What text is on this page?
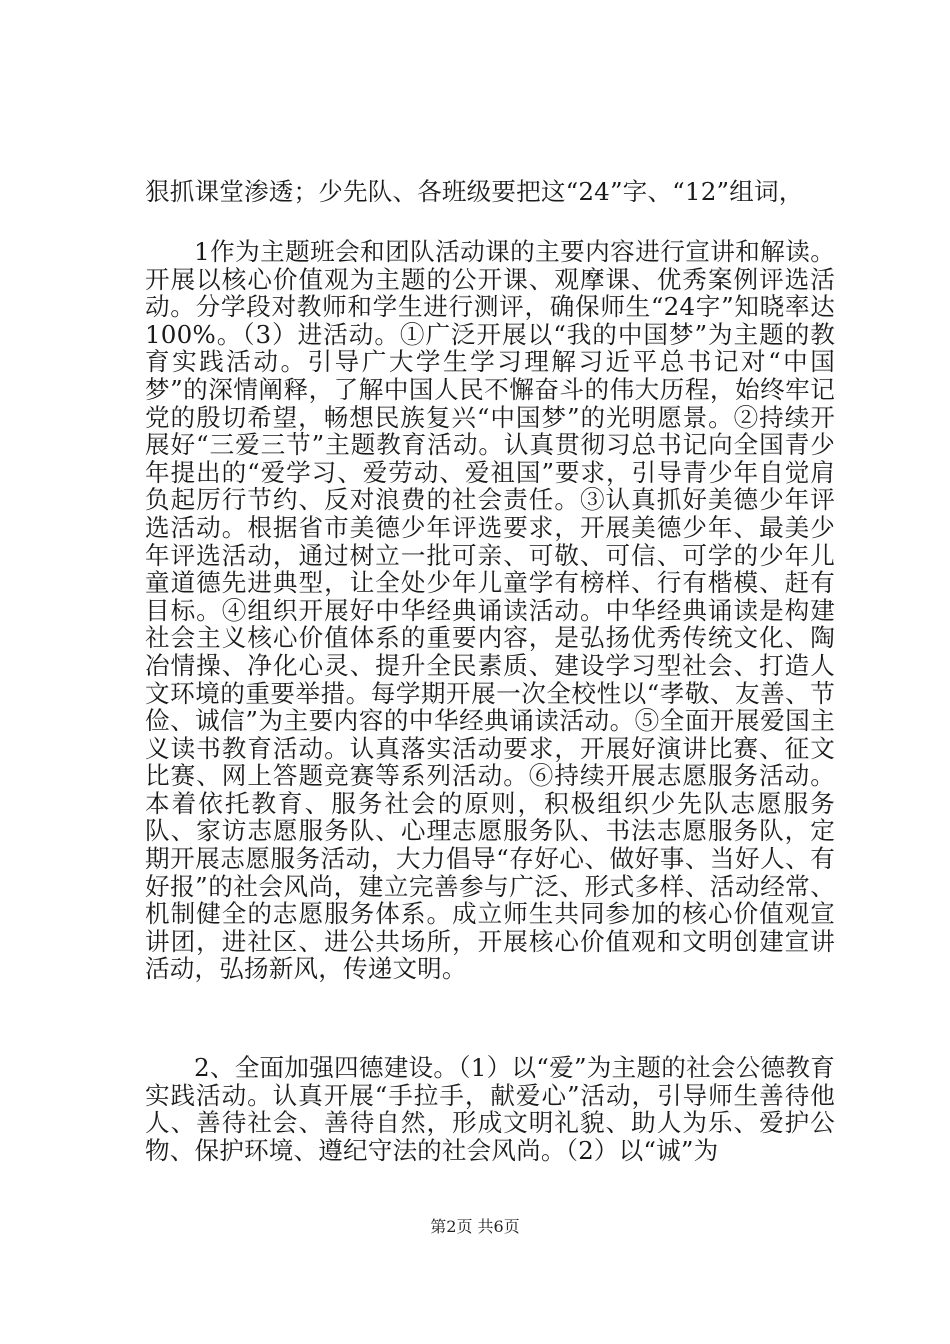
狠抓课堂渗透；少先队、各班级要把这“24”字、“12”组词，
1作为主题班会和团队活动课的主要内容进行宣讲和解读。开展以核心价值观为主题的公开课、观摩课、优秀案例评选活动。分学段对教师和学生进行测评，确保师生“24字”知晓率达100%。（3）进活动。①广泛开展以“我的中国梦”为主题的教育实践活动。引导广大学生学习理解习近平总书记对“中国梦”的深情阐释，了解中国人民不懈奋斗的伟大历程，始终牢记党的殷切希望，畅想民族复兴“中国梦”的光明愿景。②持续开展好“三爱三节”主题教育活动。认真贯彻习总书记向全国青少年提出的“爱学习、爱劳动、爱祖国”要求，引导青少年自觉肩负起厉行节约、反对浪费的社会责任。③认真抓好美德少年评选活动。根据省市美德少年评选要求，开展美德少年、最美少年评选活动，通过树立一批可亲、可敬、可信、可学的少年儿童道德先进典型，让全处少年儿童学有榜样、行有楷模、赶有目标。④组织开展好中华经典诵读活动。中华经典诵读是构建社会主义核心价值体系的重要内容，是弘扬优秀传统文化、陶冶情操、净化心灵、提升全民素质、建设学习型社会、打造人文环境的重要举措。每学期开展一次全校性以“孝敬、友善、节俭、诚信”为主要内容的中华经典诵读活动。⑤全面开展爱国主义读书教育活动。认真落实活动要求，开展好演讲比赛、征文比赛、网上答题竞赛等系列活动。⑥持续开展志愿服务活动。本着依托教育、服务社会的原则，积极组织少先队志愿服务队、家访志愿服务队、心理志愿服务队、书法志愿服务队，定期开展志愿服务活动，大力倡导“存好心、做好事、当好人、有好报”的社会风尚，建立完善参与广泛、形式多样、活动经常、机制健全的志愿服务体系。成立师生共同参加的核心价值观宣讲团，进社区、进公共场所，开展核心价值观和文明创建宣讲活动，弘扬新风，传递文明。
2、全面加强四德建设。（1）以“爱”为主题的社会公德教育实践活动。认真开展“手拉手，献爱心”活动，引导师生善待他人、善待社会、善待自然，形成文明礼貌、助人为乐、爱护公物、保护环境、遵纪守法的社会风尚。（2）以“诚”为
第2页 共6页
